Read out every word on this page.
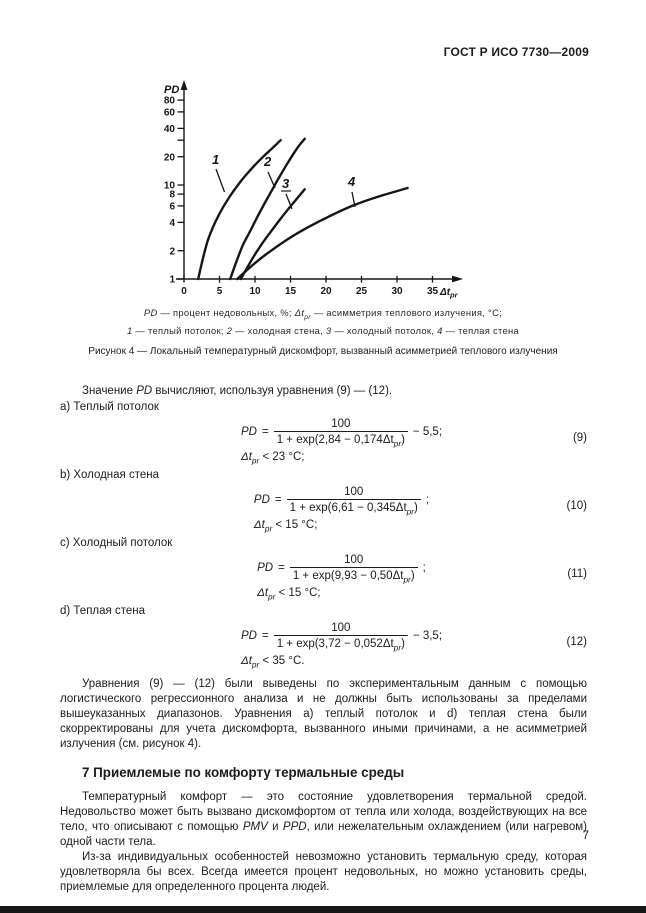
ГОСТ Р ИСО 7730—2009
1
2
4
6
8
10
20
40
60
80
0	5	10 15 20 25 30 35
PD
$\Delta t_{pr}$
1	2
3	4
PD — процент недовольных, %; $\Delta t_{pr}$ — асимметрия теплового излучения, °С;
1 — теплый потолок; 2 — холодная стена, 3 — холодный потолок, 4 — теплая стена
Рисунок 4 — Локальный температурный дискомфорт, вызванный асимметрией теплового излучения

Значение PD вычисляют, используя уравнения (9) — (12).

a) Теплый потолок
PD = $\frac{100}{1 + \exp(2,84 - 0,174\Delta t_{pr})} - 5,5$;
$\Delta t_{pr} < 23$ °С;
(9)
b) Холодная стена
PD = $\frac{100}{1 + \exp(6,61 - 0,345\Delta t_{pr})}$ ;
$\Delta t_{pr} < 15$ °С;
(10)
c) Холодный потолок
PD = $\frac{100}{1 + \exp(9,93 - 0,50\Delta t_{pr})}$ ;
$\Delta t_{pr} < 15$ °С;
(11)
d) Теплая стена
PD = $\frac{100}{1 + \exp(3,72 - 0,052\Delta t_{pr})} - 3,5$;
$\Delta t_{pr} < 35$ °С.
(12)

Уравнения (9) — (12) были выведены по экспериментальным данным с помощью логистического регрессионного анализа и не должны быть использованы за пределами вышеуказанных диапазонов. Уравнения a) теплый потолок и d) теплая стена были скорректированы для учета дискомфорта, вызванного иными причинами, а не асимметрией излучения (см. рисунок 4).

7 Приемлемые по комфорту термальные среды

Температурный комфорт — это состояние удовлетворения термальной средой. Недовольство может быть вызвано дискомфортом от тепла или холода, воздействующих на все тело, что описывают с помощью PMV и PPD, или нежелательным охлаждением (или нагревом) одной части тела.

Из-за индивидуальных особенностей невозможно установить термальную среду, которая удовлетворяла бы всех. Всегда имеется процент недовольных, но можно установить среды, приемлемые для определенного процента людей.

7
